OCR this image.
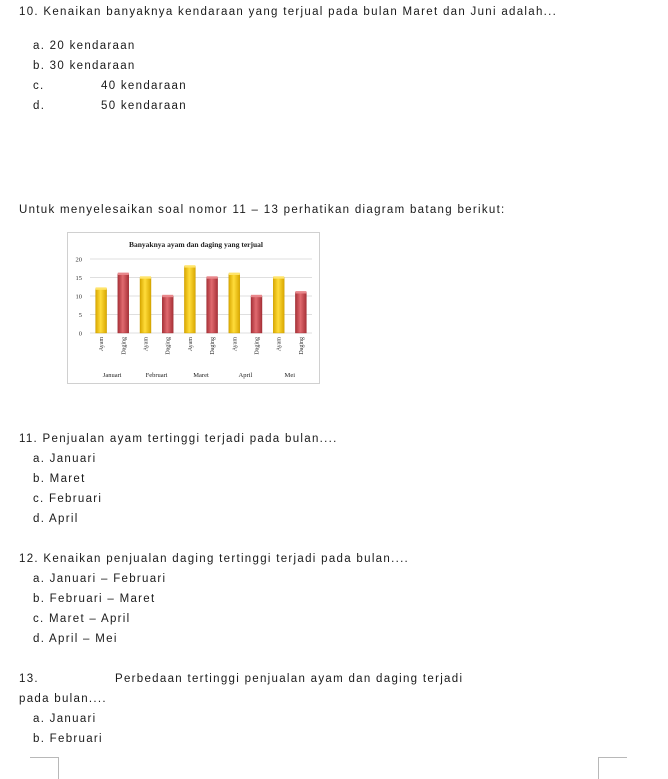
10. Kenaikan banyaknya kendaraan yang terjual pada bulan Maret dan Juni adalah...
a. 20 kendaraan
b. 30 kendaraan
c.	40 kendaraan
d.	50 kendaraan
Untuk menyelesaikan soal nomor 11 – 13 perhatikan diagram batang berikut:
Banyaknya ayam dan daging yang terjual
0
5
10
15
20
Ayam	Daging	Ayam	Daging	Ayam	Daging	Ayam	Daging	Ayam	Daging
Januari	Februari	Maret	April	Mei
11. Penjualan ayam tertinggi terjadi pada bulan....
a. Januari
b. Maret
c. Februari
d. April
12. Kenaikan penjualan daging tertinggi terjadi pada bulan....
a. Januari – Februari
b. Februari – Maret
c. Maret – April
d. April – Mei
13.	Perbedaan tertinggi penjualan ayam dan daging terjadi
pada bulan....
a. Januari
b. Februari
